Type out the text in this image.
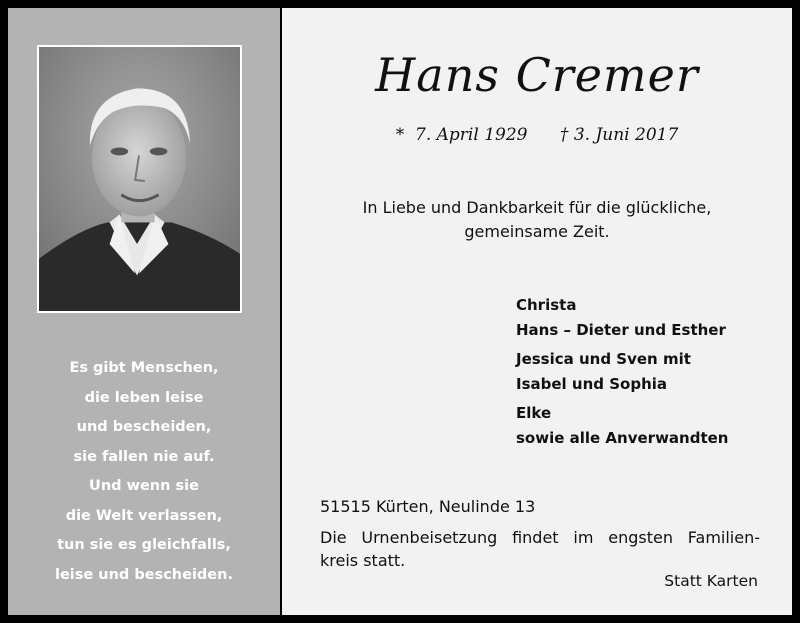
Es gibt Menschen,
die leben leise
und bescheiden,
sie fallen nie auf.
Und wenn sie
die Welt verlassen,
tun sie es gleichfalls,
leise und bescheiden.
Hans Cremer
*  7. April 1929 † 3. Juni 2017
In Liebe und Dankbarkeit für die glückliche,
gemeinsame Zeit.
Christa
Hans – Dieter und Esther
Jessica und Sven mit
Isabel und Sophia
Elke
sowie alle Anverwandten
51515 Kürten, Neulinde 13
Die Urnenbeisetzung findet im engsten Familien-
kreis statt.
Statt Karten
